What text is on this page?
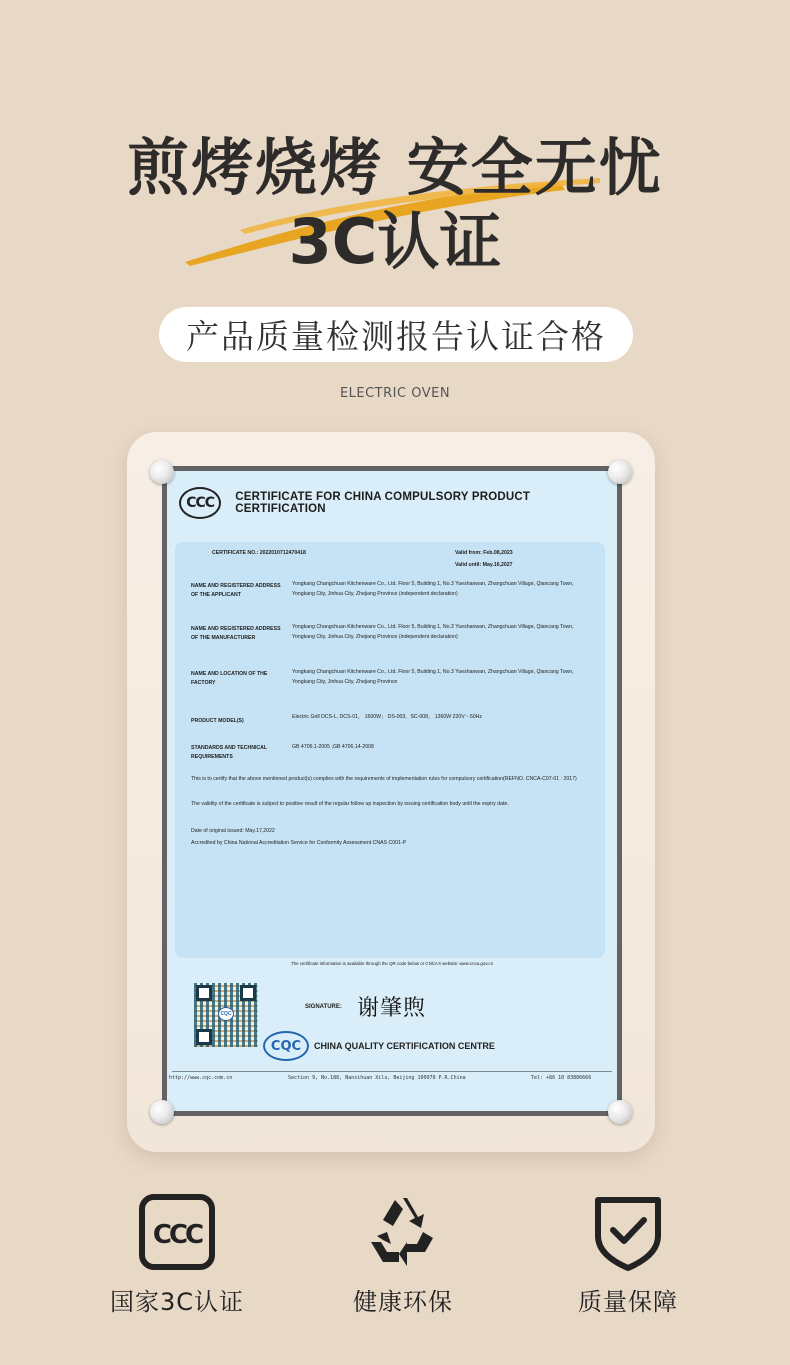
煎烤烧烤 安全无忧
3C认证
产品质量检测报告认证合格
ELECTRIC OVEN
CCC	CERTIFICATE FOR CHINA COMPULSORY PRODUCT CERTIFICATION
CERTIFICATE NO.: 2022010712470418	Valid from: Feb.08,2023
Valid until: May.16,2027
NAME AND REGISTERED ADDRESS OF THE APPLICANT
Yongkang Changchuan Kitchenware Co., Ltd. Floor 5, Building 1, No.3 Yueshanwan, Zhangchuan Village, Qiancang Town, Yongkang City, Jinhua City, Zhejiang Province (independent declaration)
NAME AND REGISTERED ADDRESS OF THE MANUFACTURER
Yongkang Changchuan Kitchenware Co., Ltd. Floor 5, Building 1, No.3 Yueshanwan, Zhangchuan Village, Qiancang Town, Yongkang City, Jinhua City, Zhejiang Province (independent declaration)
NAME AND LOCATION OF THE FACTORY
Yongkang Changchuan Kitchenware Co., Ltd. Floor 5, Building 1, No.3 Yueshanwan, Zhangchuan Village, Qiancang Town, Yongkang City, Jinhua City, Zhejiang Province
PRODUCT MODEL(S)
Electric Grill DCS-L, DCS-01， 1500W； DS-003，SC-008， 1360W 220V～50Hz
STANDARDS AND TECHNICAL REQUIREMENTS
GB 4706.1-2005 ;GB 4706.14-2008
This is to certify that the above mentioned product(s) complies with the requirements of implementation rules for compulsory certification(REFNO. CNCA-C07-01 : 2017)
The validity of the certificate is subject to positive result of the regular follow up inspection by issuing certification body until the expiry date.
Date of original issued: May.17,2022
Accredited by China National Accreditation Service for Conformity Assessment CNAS C001-P
The certificate information is available through the QR code below or CNCA's website: www.cnca.gov.cn
CQC
SIGNATURE: 谢肇煦
CQC	CHINA QUALITY CERTIFICATION CENTRE
http://www.cqc.com.cn	Section 9, No.188, Nansihuan Xilu, Beijing 100070 P.R.China	Tel: +86 10 83886666
CCC
国家3C认证	健康环保	质量保障
